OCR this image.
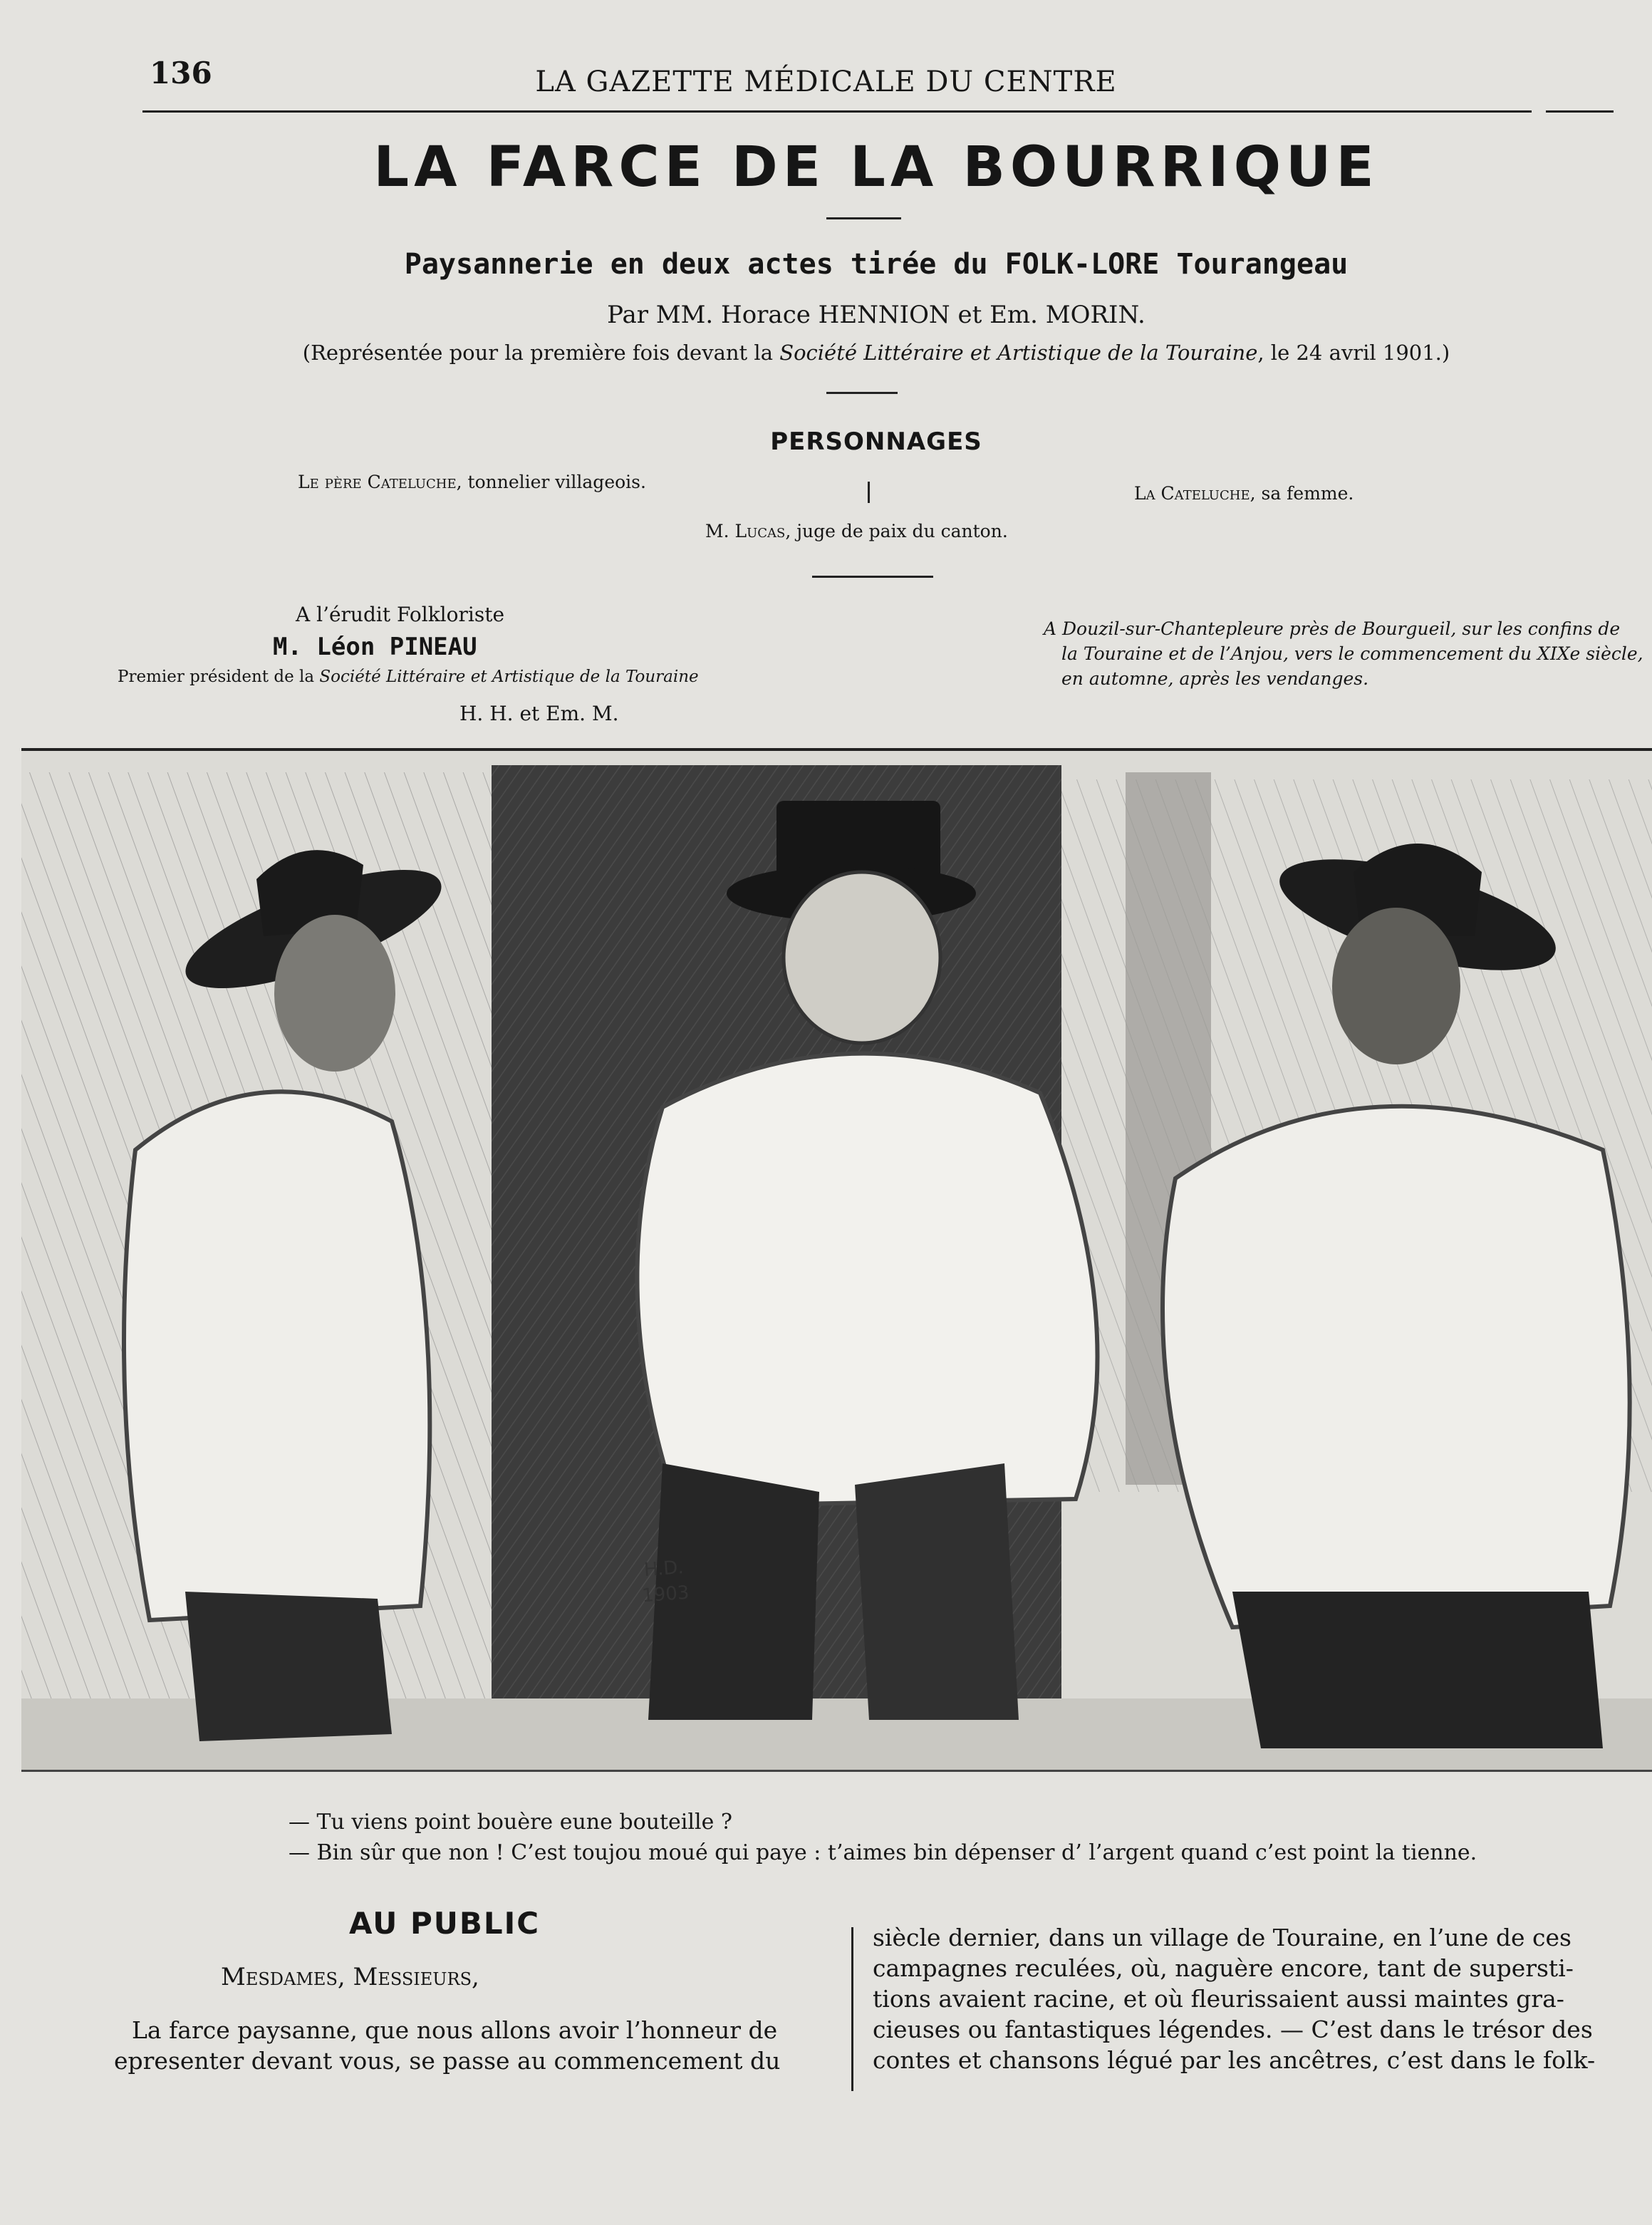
136	LA GAZETTE MÉDICALE DU CENTRE
LA FARCE DE LA BOURRIQUE
Paysannerie en deux actes tirée du FOLK-LORE Tourangeau
Par MM. Horace HENNION et Em. MORIN.
(Représentée pour la première fois devant la Société Littéraire et Artistique de la Touraine, le 24 avril 1901.)
PERSONNAGES
Le père Cateluche, tonnelier villageois.
La Cateluche, sa femme.
M. Lucas, juge de paix du canton.
A l’érudit Folkloriste
M. Léon PINEAU
Premier président de la Société Littéraire et Artistique de la Touraine
H. H. et Em. M.
A Douzil-sur-Chantepleure près de Bourgueil, sur les confins de
la Touraine et de l’Anjou, vers le commencement du XIXe siècle,
en automne, après les vendanges.
H.D.
1903
— Tu viens point bouère eune bouteille ?
— Bin sûr que non ! C’est toujou moué qui paye : t’aimes bin dépenser d’ l’argent quand c’est point la tienne.
AU PUBLIC
Mesdames, Messieurs,
La farce paysanne, que nous allons avoir l’honneur de
epresenter devant vous, se passe au commencement du
siècle dernier, dans un village de Touraine, en l’une de ces
campagnes reculées, où, naguère encore, tant de supersti-
tions avaient racine, et où fleurissaient aussi maintes gra-
cieuses ou fantastiques légendes. — C’est dans le trésor des
contes et chansons légué par les ancêtres, c’est dans le folk-
